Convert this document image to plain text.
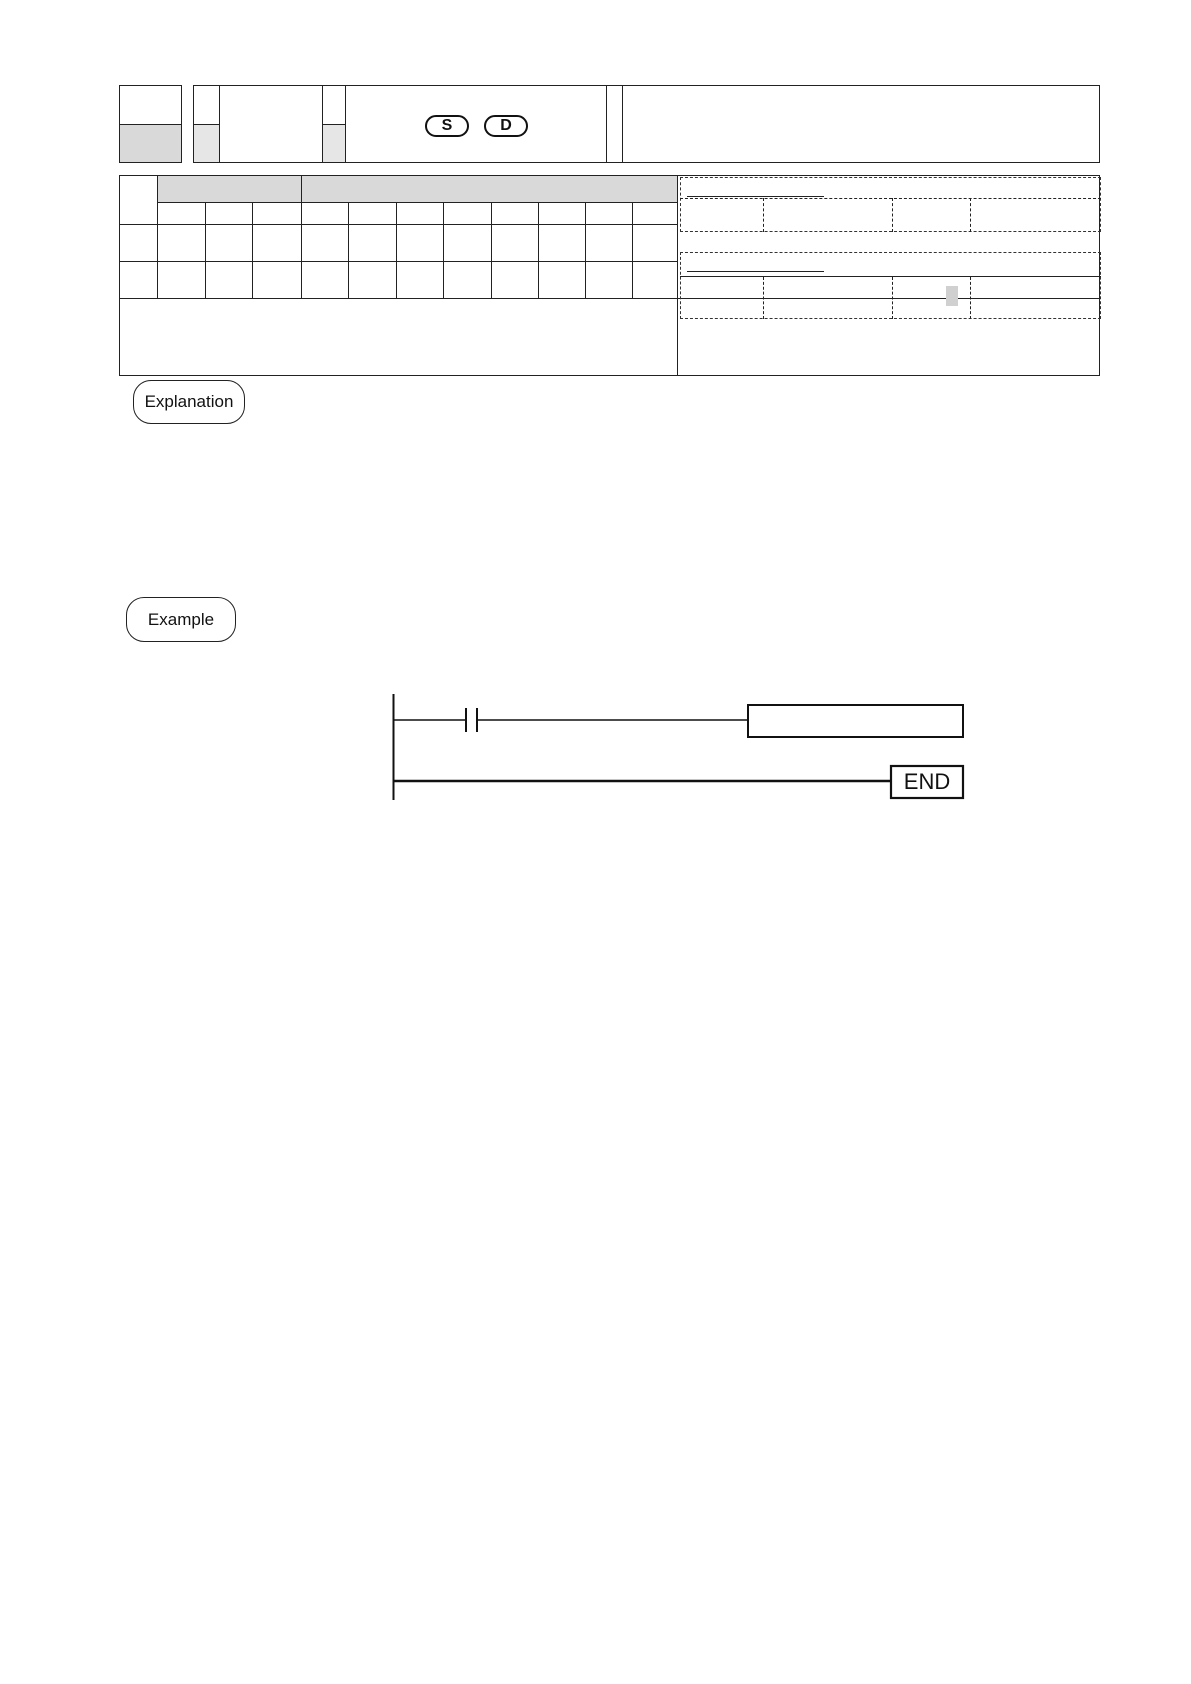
S	D
Explanation
Example
END
